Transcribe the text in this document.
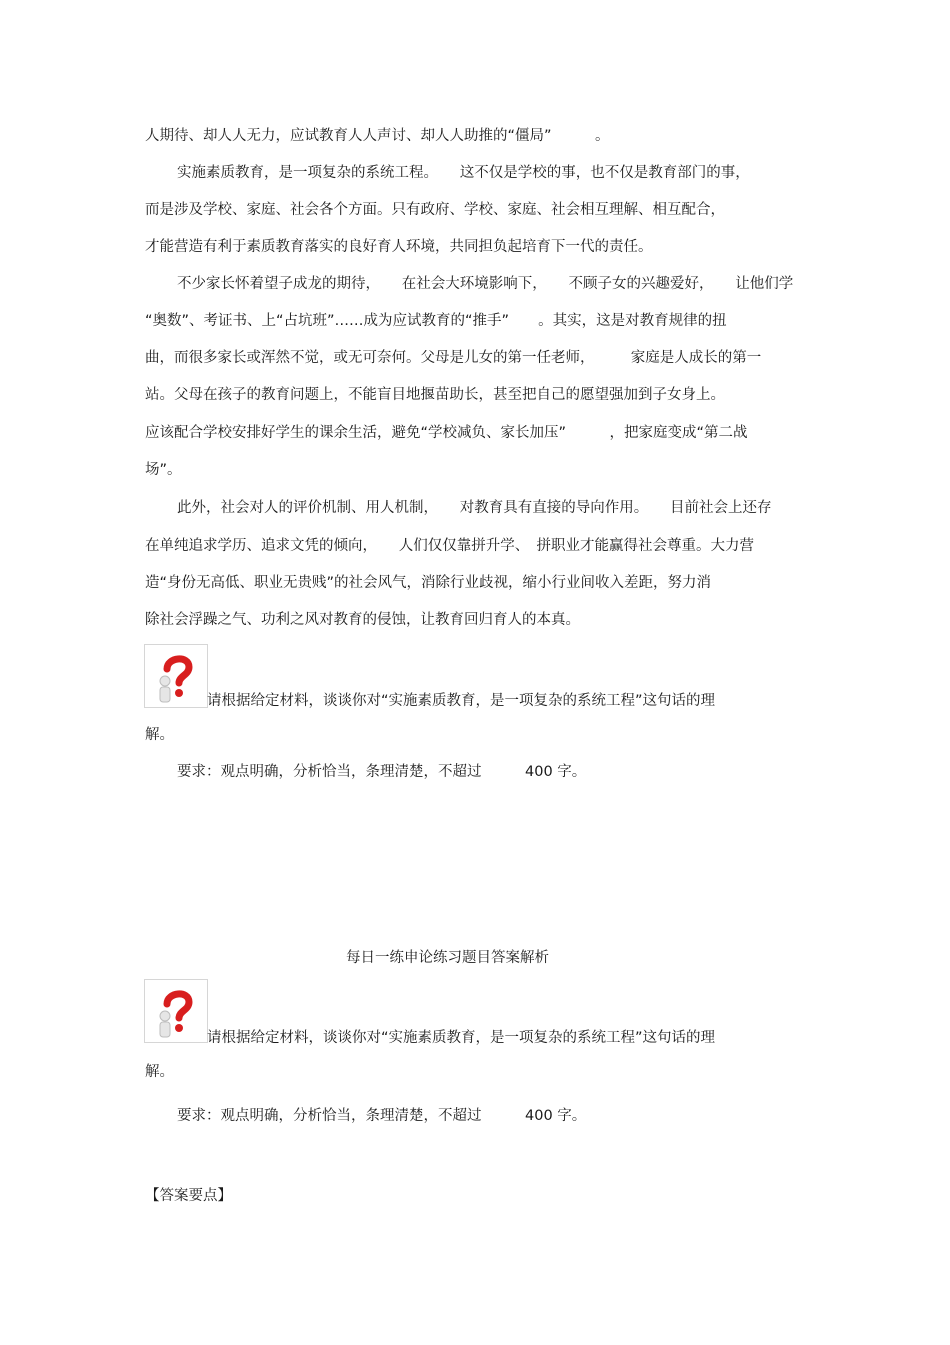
人期待、却人人无力，应试教育人人声讨、却人人助推的“僵局”　　　。
实施素质教育，是一项复杂的系统工程。　　这不仅是学校的事，也不仅是教育部门的事，
而是涉及学校、家庭、社会各个方面。只有政府、学校、家庭、社会相互理解、相互配合，
才能营造有利于素质教育落实的良好育人环境，共同担负起培育下一代的责任。
不少家长怀着望子成龙的期待，　　在社会大环境影响下，　　不顾子女的兴趣爱好，　　让他们学
“奥数”、考证书、上“占坑班”……成为应试教育的“推手”　　。其实，这是对教育规律的扭
曲，而很多家长或浑然不觉，或无可奈何。父母是儿女的第一任老师，　　　家庭是人成长的第一
站。父母在孩子的教育问题上，不能盲目地揠苗助长，甚至把自己的愿望强加到子女身上。
应该配合学校安排好学生的课余生活，避免“学校减负、家长加压”　　　，把家庭变成“第二战
场”。
此外，社会对人的评价机制、用人机制，　　对教育具有直接的导向作用。　　目前社会上还存
在单纯追求学历、追求文凭的倾向，　　人们仅仅靠拼升学、　拼职业才能赢得社会尊重。大力营
造“身份无高低、职业无贵贱”的社会风气，消除行业歧视，缩小行业间收入差距，努力消
除社会浮躁之气、功利之风对教育的侵蚀，让教育回归育人的本真。
请根据给定材料，谈谈你对“实施素质教育，是一项复杂的系统工程”这句话的理
解。
要求：观点明确，分析恰当，条理清楚，不超过　　　400 字。
每日一练申论练习题目答案解析
请根据给定材料，谈谈你对“实施素质教育，是一项复杂的系统工程”这句话的理
解。
要求：观点明确，分析恰当，条理清楚，不超过　　　400 字。
【答案要点】
